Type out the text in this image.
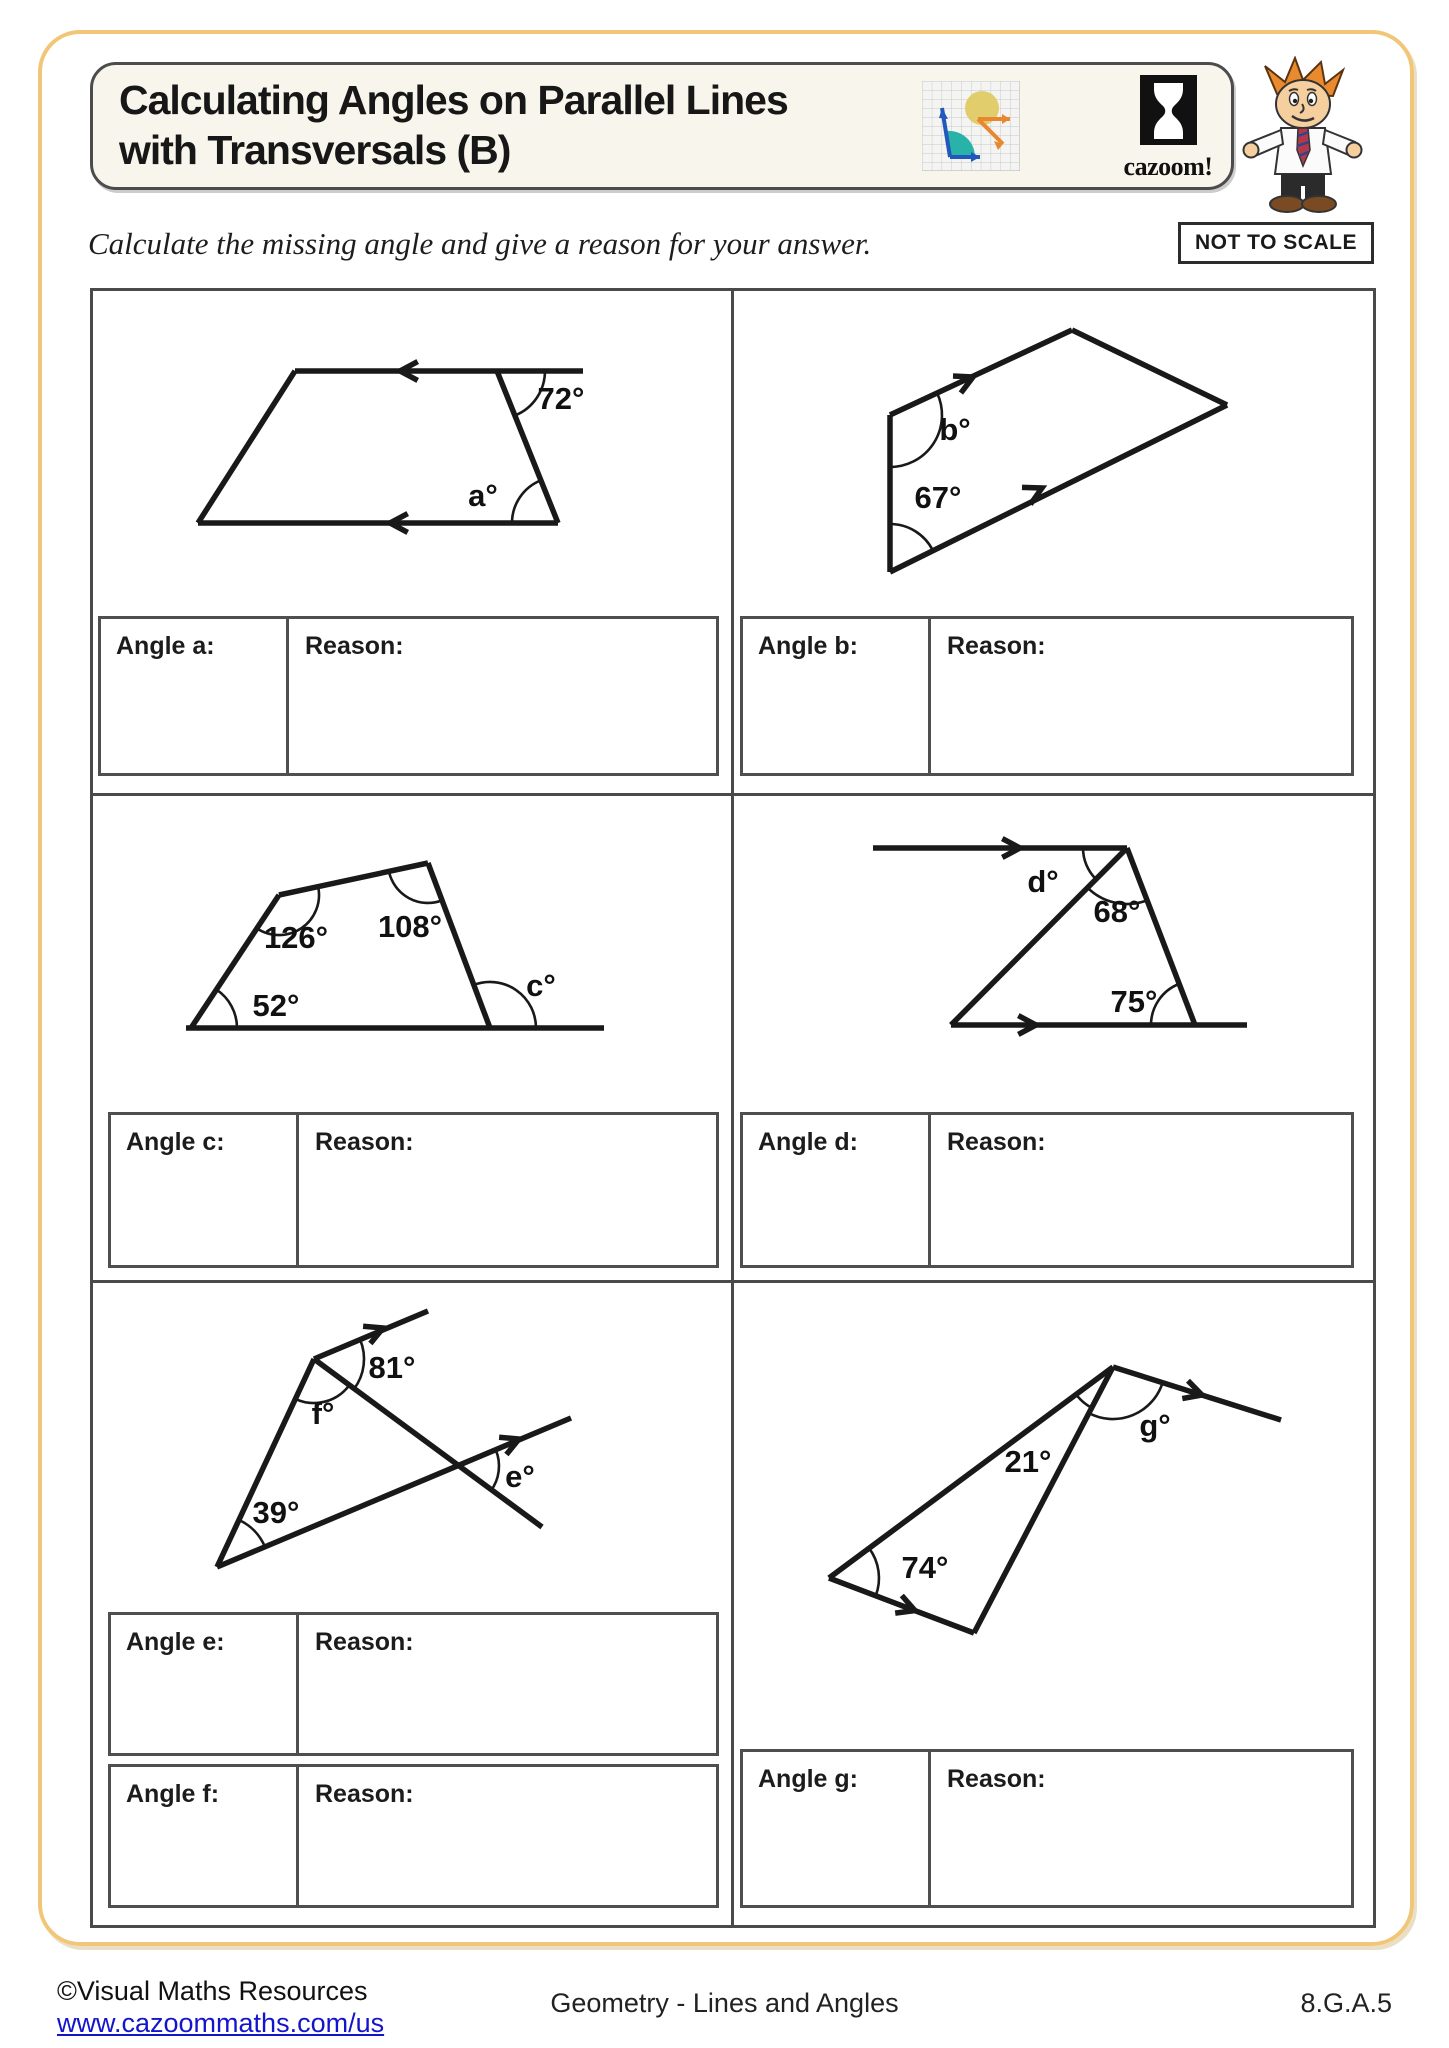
Calculating Angles on Parallel Lines
with Transversals (B)	cazoom!
NOT TO SCALE
Calculate the missing angle and give a reason for your answer.
72°
a°
b°
67°
126° 108°
52°
c°
d°
68°
75°
81°
f°
39°
e°	21°
g°
74°
Angle a:	Reason:	Angle b:	Reason:
Angle c:	Reason:	Angle d:	Reason:
Angle e:	Reason:
Angle f:	Reason:
Angle g:	Reason:
©Visual Maths Resources
www.cazoommaths.com/us
Geometry - Lines and Angles	8.G.A.5
